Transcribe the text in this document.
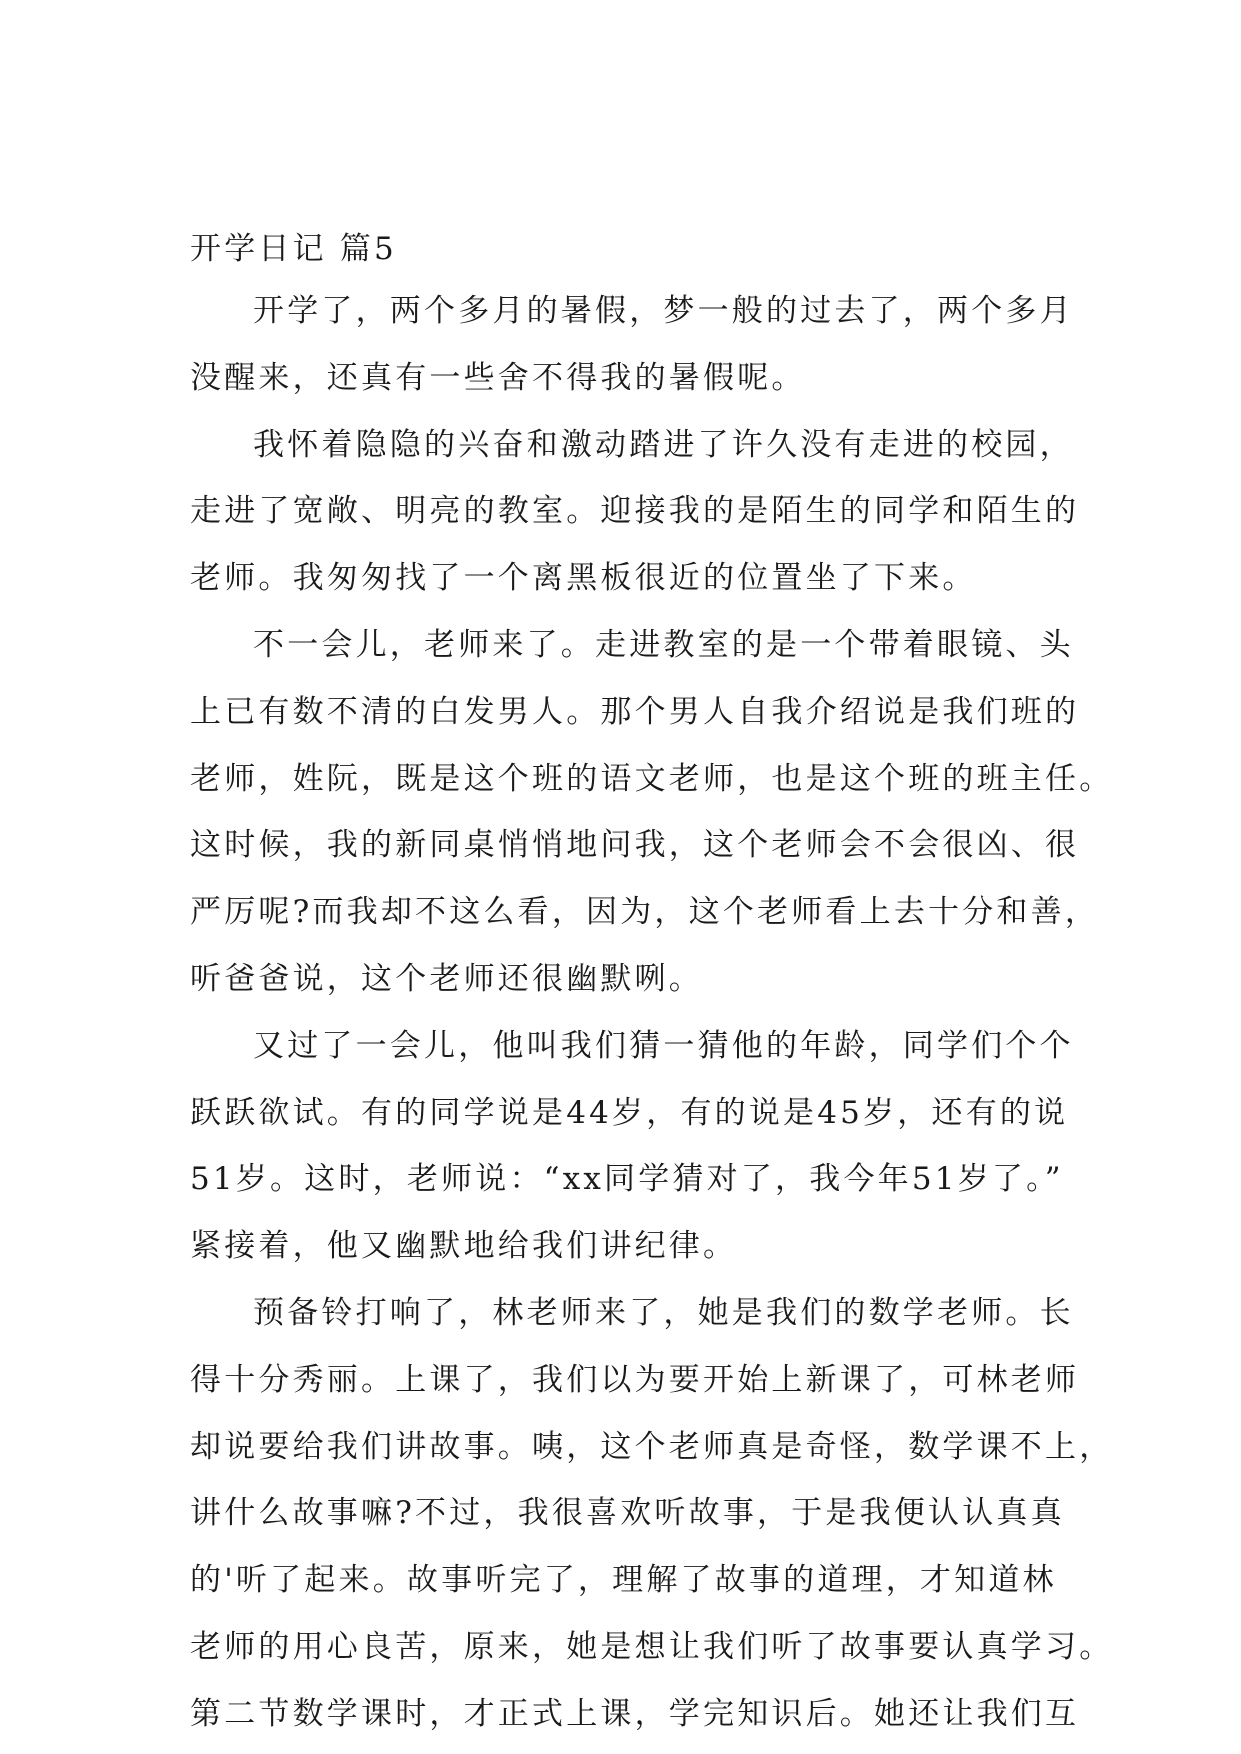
开学日记 篇5
开学了，两个多月的暑假，梦一般的过去了，两个多月
没醒来，还真有一些舍不得我的暑假呢。
我怀着隐隐的兴奋和激动踏进了许久没有走进的校园，
走进了宽敞、明亮的教室。迎接我的是陌生的同学和陌生的
老师。我匆匆找了一个离黑板很近的位置坐了下来。
不一会儿，老师来了。走进教室的是一个带着眼镜、头
上已有数不清的白发男人。那个男人自我介绍说是我们班的
老师，姓阮，既是这个班的语文老师，也是这个班的班主任。
这时候，我的新同桌悄悄地问我，这个老师会不会很凶、很
严厉呢?而我却不这么看，因为，这个老师看上去十分和善，
听爸爸说，这个老师还很幽默咧。
又过了一会儿，他叫我们猜一猜他的年龄，同学们个个
跃跃欲试。有的同学说是44岁，有的说是45岁，还有的说
51岁。这时，老师说：“xx同学猜对了，我今年51岁了。”
紧接着，他又幽默地给我们讲纪律。
预备铃打响了，林老师来了，她是我们的数学老师。长
得十分秀丽。上课了，我们以为要开始上新课了，可林老师
却说要给我们讲故事。咦，这个老师真是奇怪，数学课不上，
讲什么故事嘛?不过，我很喜欢听故事，于是我便认认真真
的'听了起来。故事听完了，理解了故事的道理，才知道林
老师的用心良苦，原来，她是想让我们听了故事要认真学习。
第二节数学课时，才正式上课，学完知识后。她还让我们互
